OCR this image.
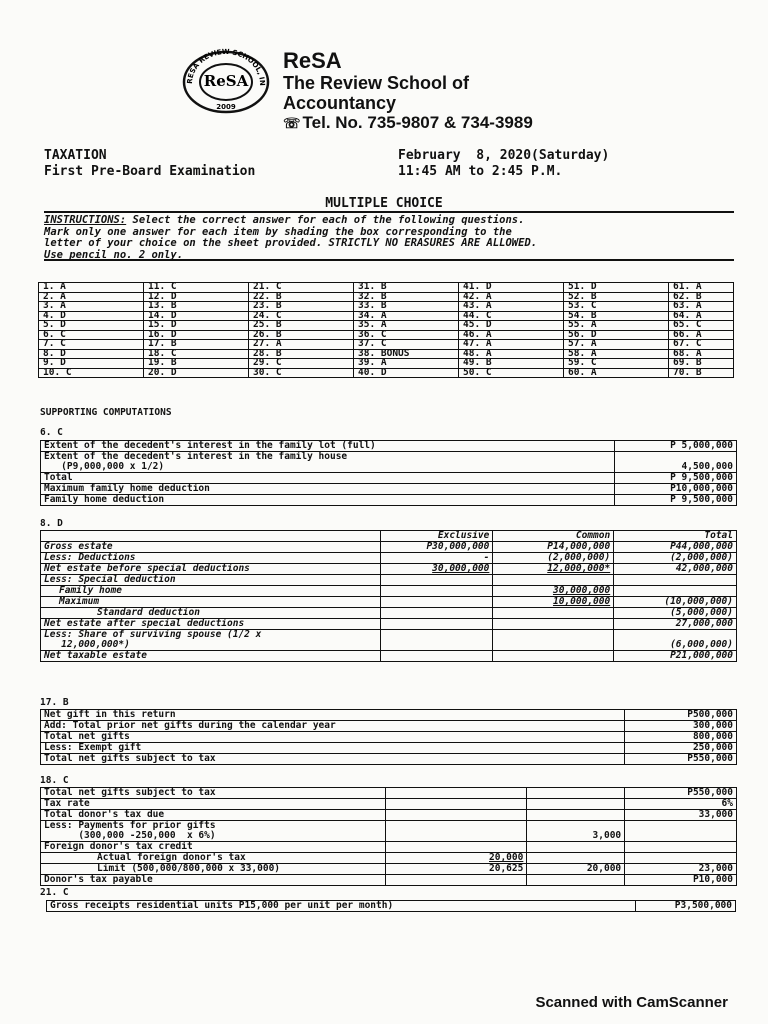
RESA REVIEW SCHOOL, IN
ReSA
2009
ReSA
The Review School of
Accountancy
☏ Tel. No. 735-9807 & 734-3989
TAXATION
First Pre-Board Examination
February  8, 2020(Saturday)
11:45 AM to 2:45 P.M.
MULTIPLE CHOICE
INSTRUCTIONS: Select the correct answer for each of the following questions.
Mark only one answer for each item by shading the box corresponding to the
letter of your choice on the sheet provided. STRICTLY NO ERASURES ARE ALLOWED.
Use pencil no. 2 only.
1. A	11. C	21. C	31. B	41. D	51. D	61. A
2. A	12. D	22. B	32. B	42. A	52. B	62. B
3. A	13. B	23. B	33. B	43. A	53. C	63. A
4. D	14. D	24. C	34. A	44. C	54. B	64. A
5. D	15. D	25. B	35. A	45. D	55. A	65. C
6. C	16. D	26. B	36. C	46. A	56. D	66. A
7. C	17. B	27. A	37. C	47. A	57. A	67. C
8. D	18. C	28. B	38. BONUS	48. A	58. A	68. A
9. D	19. B	29. C	39. A	49. B	59. C	69. B
10. C	20. D	30. C	40. D	50. C	60. A	70. B
SUPPORTING COMPUTATIONS
6. C
Extent of the decedent's interest in the family lot (full)	P 5,000,000
Extent of the decedent's interest in the family house
(P9,000,000 x 1/2)	4,500,000
Total	P 9,500,000
Maximum family home deduction	P10,000,000
Family home deduction	P 9,500,000
8. D
	Exclusive	Common	Total
Gross estate	P30,000,000	P14,000,000	P44,000,000
Less: Deductions	-	(2,000,000)	(2,000,000)
Net estate before special deductions	30,000,000	12,000,000*	42,000,000
Less: Special deduction			
Family home		30,000,000	
Maximum		10,000,000	(10,000,000)
Standard deduction			(5,000,000)
Net estate after special deductions			27,000,000
Less: Share of surviving spouse (1/2 x
12,000,000*)			(6,000,000)
Net taxable estate			P21,000,000
17. B
Net gift in this return	P500,000
Add: Total prior net gifts during the calendar year	300,000
Total net gifts	800,000
Less: Exempt gift	250,000
Total net gifts subject to tax	P550,000
18. C
Total net gifts subject to tax			P550,000
Tax rate			6%
Total donor's tax due			33,000
Less: Payments for prior gifts
(300,000 -250,000  x 6%)		3,000	
Foreign donor's tax credit			
Actual foreign donor's tax	20,000		
Limit (500,000/800,000 x 33,000)	20,625	20,000	23,000
Donor's tax payable			P10,000
21. C
Gross receipts residential units P15,000 per unit per month)	P3,500,000
Scanned with CamScanner
